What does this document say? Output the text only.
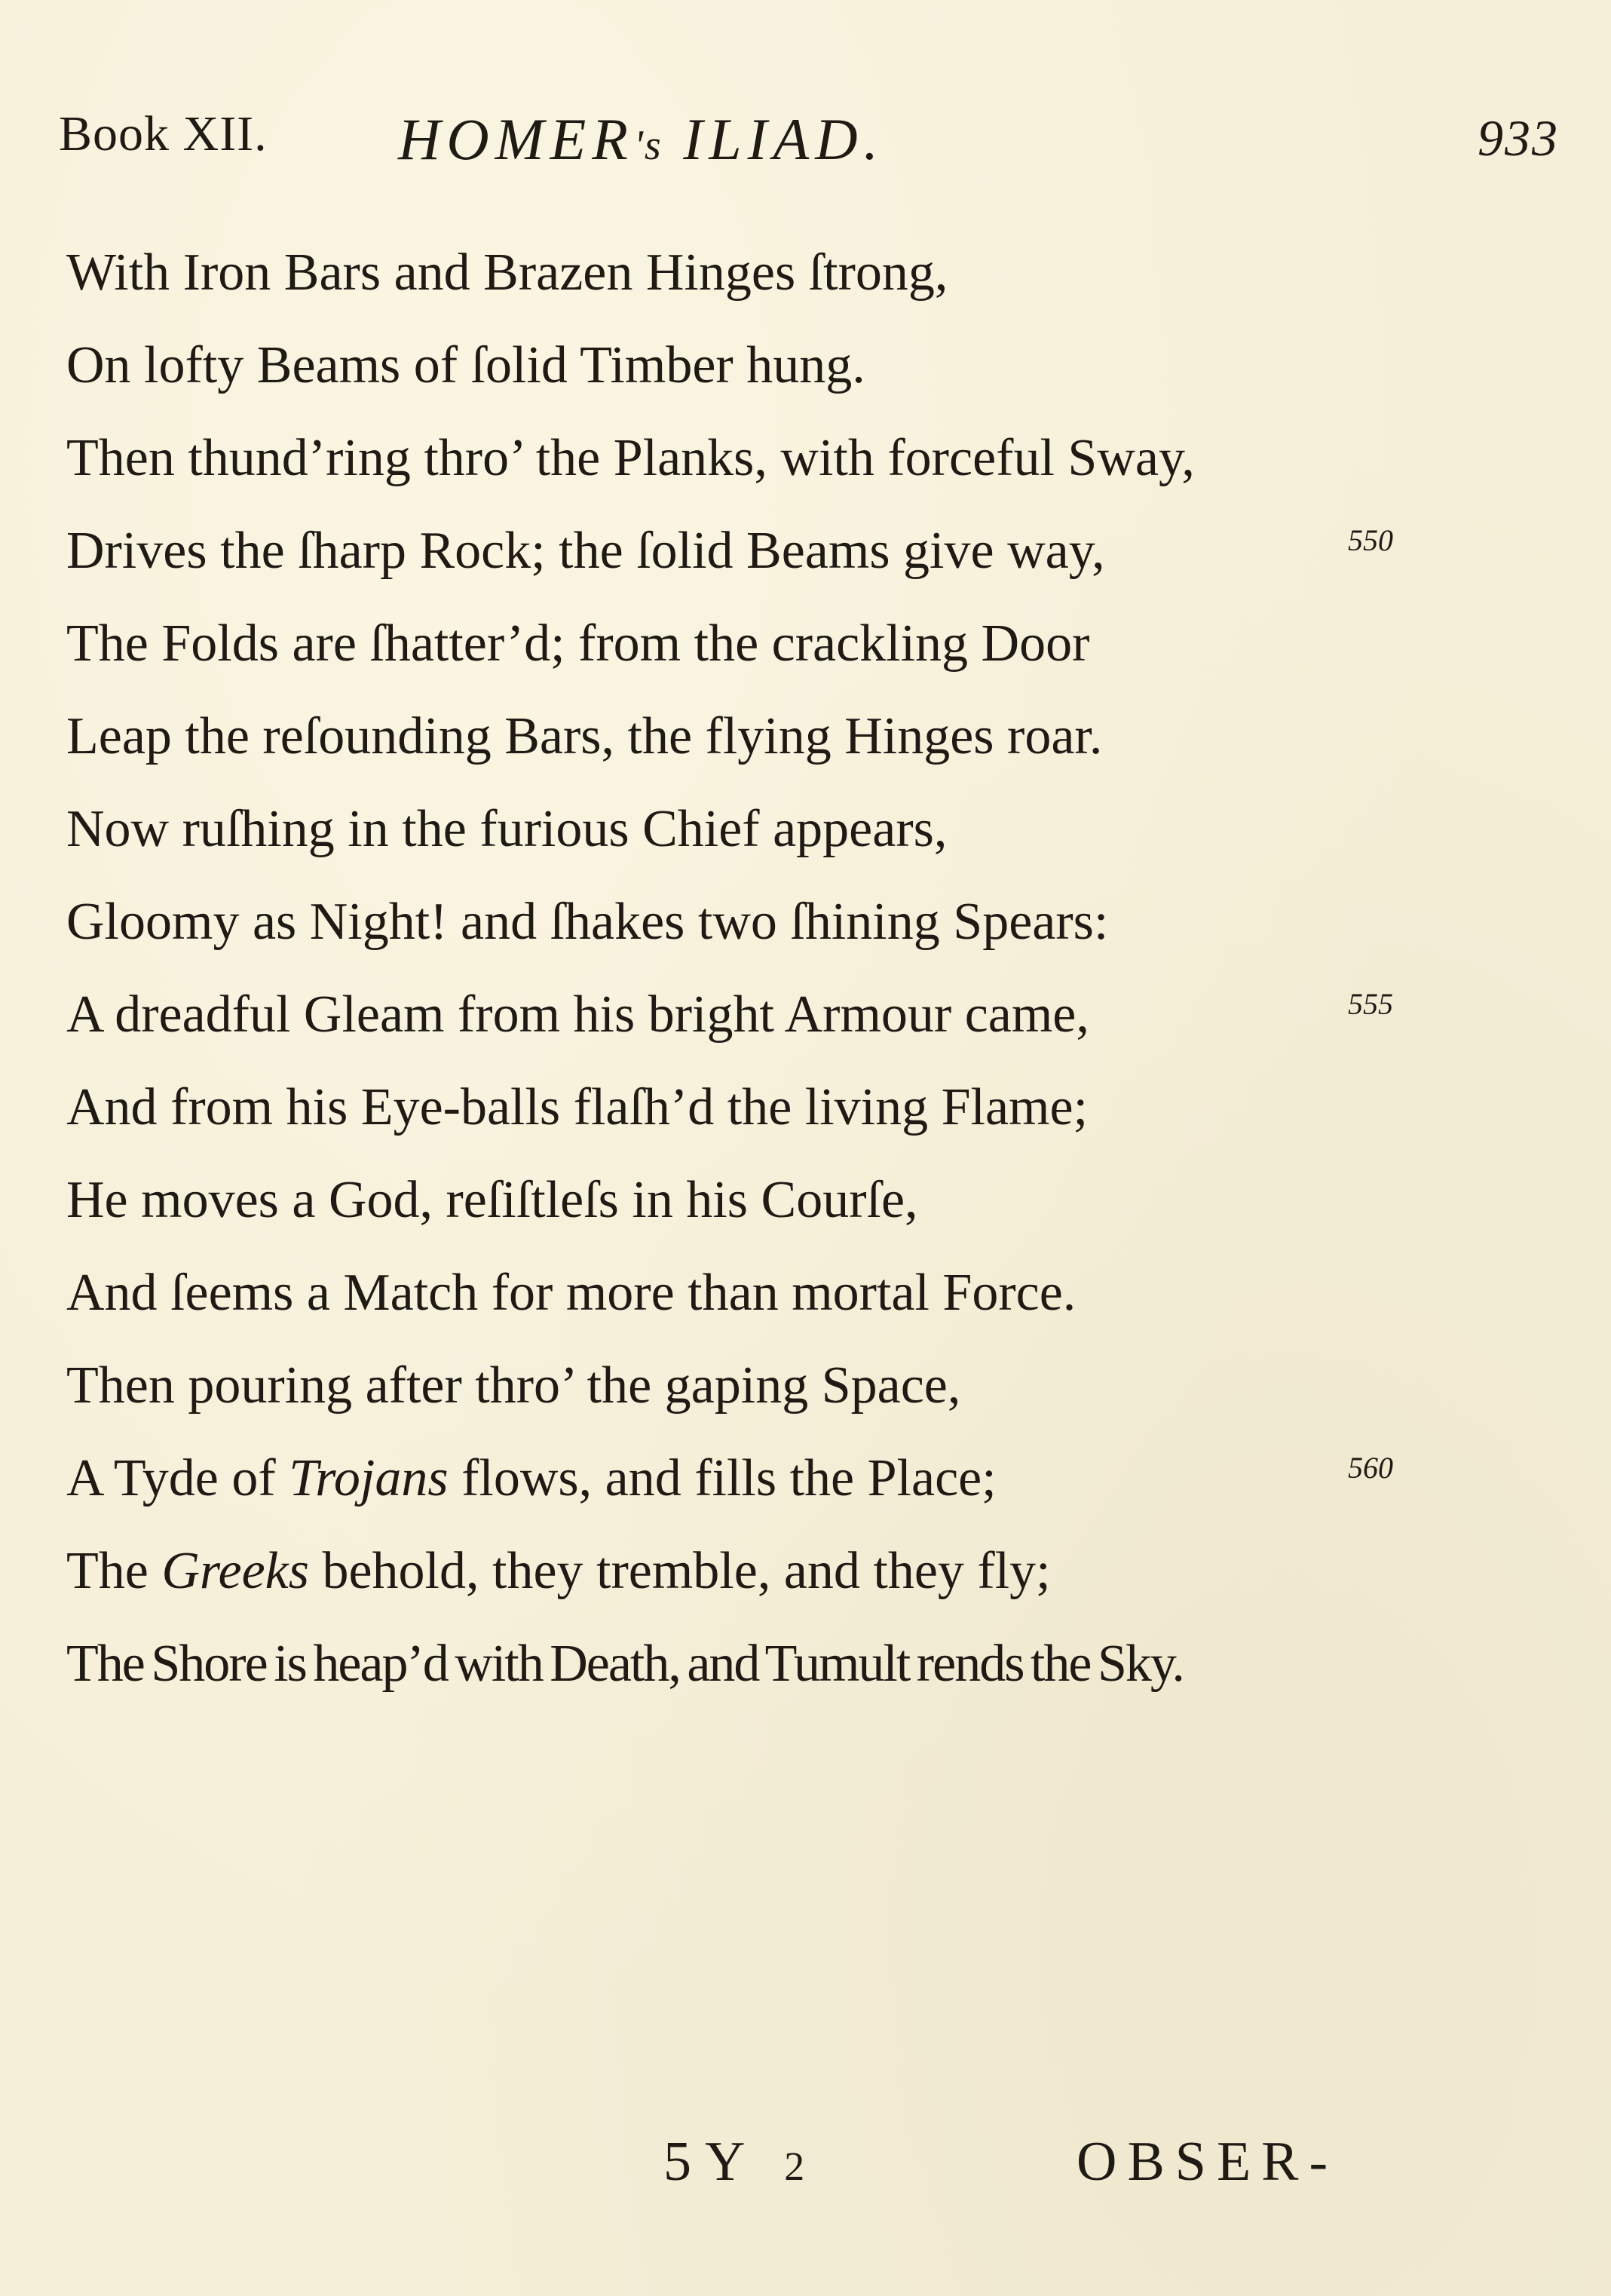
Book XII. HOMER's ILIAD.	933
With Iron Bars and Brazen Hinges ſtrong,
On lofty Beams of ſolid Timber hung.
Then thund’ring thro’ the Planks, with forceful Sway,
Drives the ſharp Rock; the ſolid Beams give way,	550
The Folds are ſhatter’d; from the crackling Door
Leap the reſounding Bars, the flying Hinges roar.
Now ruſhing in the furious Chief appears,
Gloomy as Night! and ſhakes two ſhining Spears:
A dreadful Gleam from his bright Armour came,	555
And from his Eye-balls flaſh’d the living Flame;
He moves a God, reſiſtleſs in his Courſe,
And ſeems a Match for more than mortal Force.
Then pouring after thro’ the gaping Space,
A Tyde of Trojans flows, and fills the Place;	560
The Greeks behold, they tremble, and they fly;
The Shore is heap’d with Death, and Tumult rends the Sky.
5Y 2	OBSER-
